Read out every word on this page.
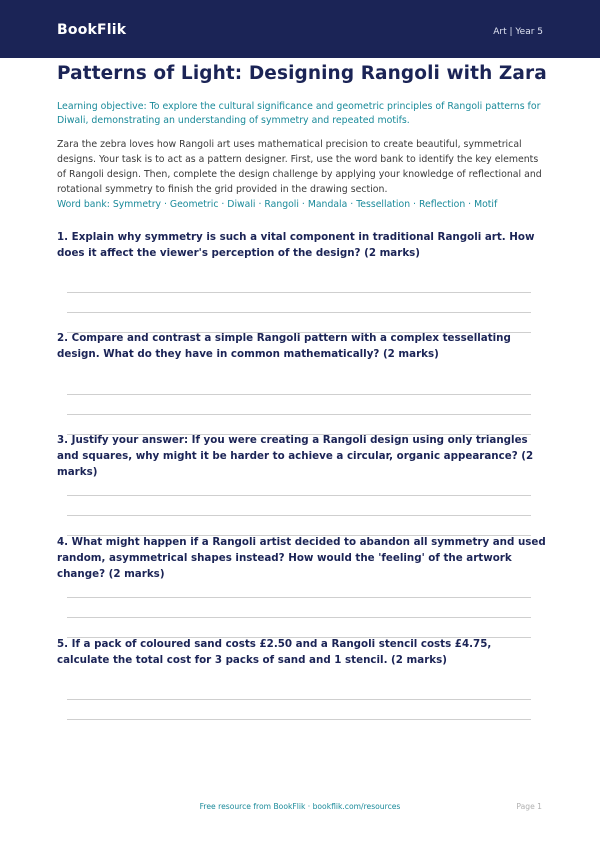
BookFlik	Art | Year 5
Patterns of Light: Designing Rangoli with Zara

Learning objective: To explore the cultural significance and geometric principles of Rangoli patterns for Diwali, demonstrating an understanding of symmetry and repeated motifs.

Zara the zebra loves how Rangoli art uses mathematical precision to create beautiful, symmetrical designs. Your task is to act as a pattern designer. First, use the word bank to identify the key elements of Rangoli design. Then, complete the design challenge by applying your knowledge of reflectional and rotational symmetry to finish the grid provided in the drawing section.

Word bank: Symmetry · Geometric · Diwali · Rangoli · Mandala · Tessellation · Reflection · Motif

1. Explain why symmetry is such a vital component in traditional Rangoli art. How does it affect the viewer's perception of the design? (2 marks)

2. Compare and contrast a simple Rangoli pattern with a complex tessellating design. What do they have in common mathematically? (2 marks)

3. Justify your answer: If you were creating a Rangoli design using only triangles and squares, why might it be harder to achieve a circular, organic appearance? (2 marks)

4. What might happen if a Rangoli artist decided to abandon all symmetry and used random, asymmetrical shapes instead? How would the 'feeling' of the artwork change? (2 marks)

5. If a pack of coloured sand costs £2.50 and a Rangoli stencil costs £4.75, calculate the total cost for 3 packs of sand and 1 stencil. (2 marks)

Free resource from BookFlik · bookflik.com/resources	Page 1
